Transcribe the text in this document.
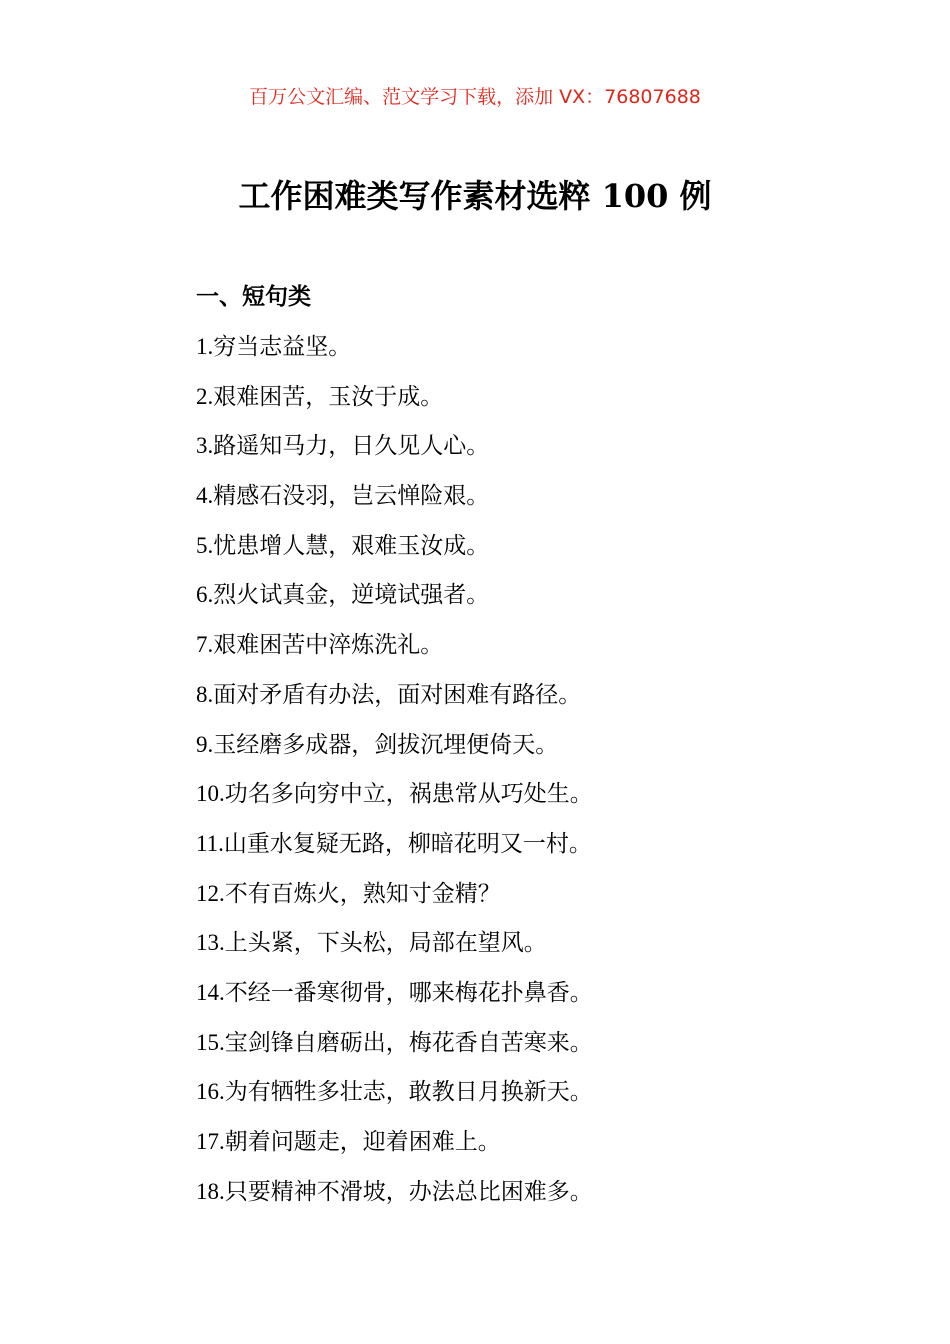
百万公文汇编、范文学习下载，添加 VX：76807688
工作困难类写作素材选粹 100 例
一、短句类
1.穷当志益坚。
2.艰难困苦，玉汝于成。
3.路遥知马力，日久见人心。
4.精感石没羽，岂云惮险艰。
5.忧患增人慧，艰难玉汝成。
6.烈火试真金，逆境试强者。
7.艰难困苦中淬炼洗礼。
8.面对矛盾有办法，面对困难有路径。
9.玉经磨多成器，剑拔沉埋便倚天。
10.功名多向穷中立，祸患常从巧处生。
11.山重水复疑无路，柳暗花明又一村。
12.不有百炼火，熟知寸金精？
13.上头紧，下头松，局部在望风。
14.不经一番寒彻骨，哪来梅花扑鼻香。
15.宝剑锋自磨砺出，梅花香自苦寒来。
16.为有牺牲多壮志，敢教日月换新天。
17.朝着问题走，迎着困难上。
18.只要精神不滑坡，办法总比困难多。
